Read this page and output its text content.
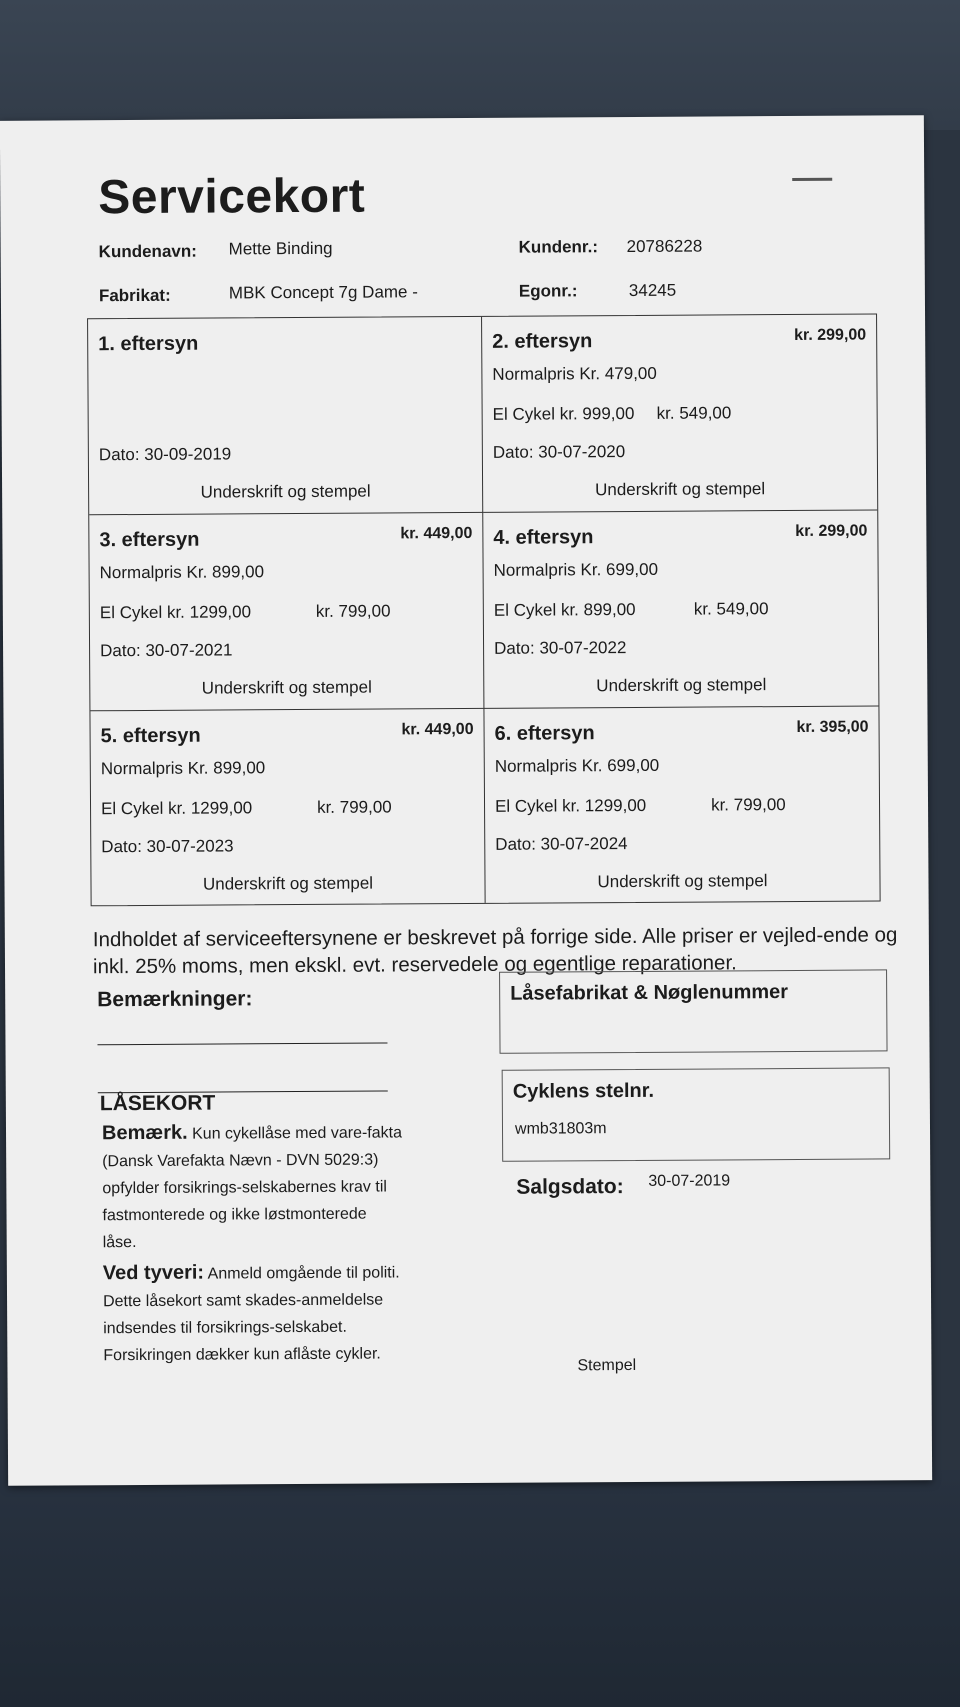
Servicekort
Kundenavn: Mette Binding	Kundenr.: 20786228
Fabrikat:	MBK Concept 7g Dame -	Egonr.:	34245
1. eftersyn
Dato: 30-09-2019
Underskrift og stempel
2. eftersyn	kr. 299,00
Normalpris Kr. 479,00
El Cykel kr. 999,00 kr. 549,00
Dato: 30-07-2020
Underskrift og stempel
3. eftersyn	kr. 449,00
Normalpris Kr. 899,00
El Cykel kr. 1299,00	kr. 799,00
Dato: 30-07-2021
Underskrift og stempel
4. eftersyn	kr. 299,00
Normalpris Kr. 699,00
El Cykel kr. 899,00	kr. 549,00
Dato: 30-07-2022
Underskrift og stempel
5. eftersyn	kr. 449,00
Normalpris Kr. 899,00
El Cykel kr. 1299,00	kr. 799,00
Dato: 30-07-2023
Underskrift og stempel
6. eftersyn	kr. 395,00
Normalpris Kr. 699,00
El Cykel kr. 1299,00	kr. 799,00
Dato: 30-07-2024
Underskrift og stempel
Indholdet af serviceeftersynene er beskrevet på forrige side. Alle priser er vejled-ende og inkl. 25% moms, men ekskl. evt. reservedele og egentlige reparationer.
Bemærkninger:	Låsefabrikat & Nøglenummer
Cyklens stelnr.
wmb31803m
Salgsdato: 30-07-2019
LÅSEKORT
Bemærk. Kun cykellåse med vare-fakta (Dansk Varefakta Nævn - DVN 5029:3) opfylder forsikrings-selskabernes krav til fastmonterede og ikke løstmonterede låse.
Ved tyveri: Anmeld omgående til politi. Dette låsekort samt skades-anmeldelse indsendes til forsikrings-selskabet. Forsikringen dækker kun aflåste cykler.
Stempel
